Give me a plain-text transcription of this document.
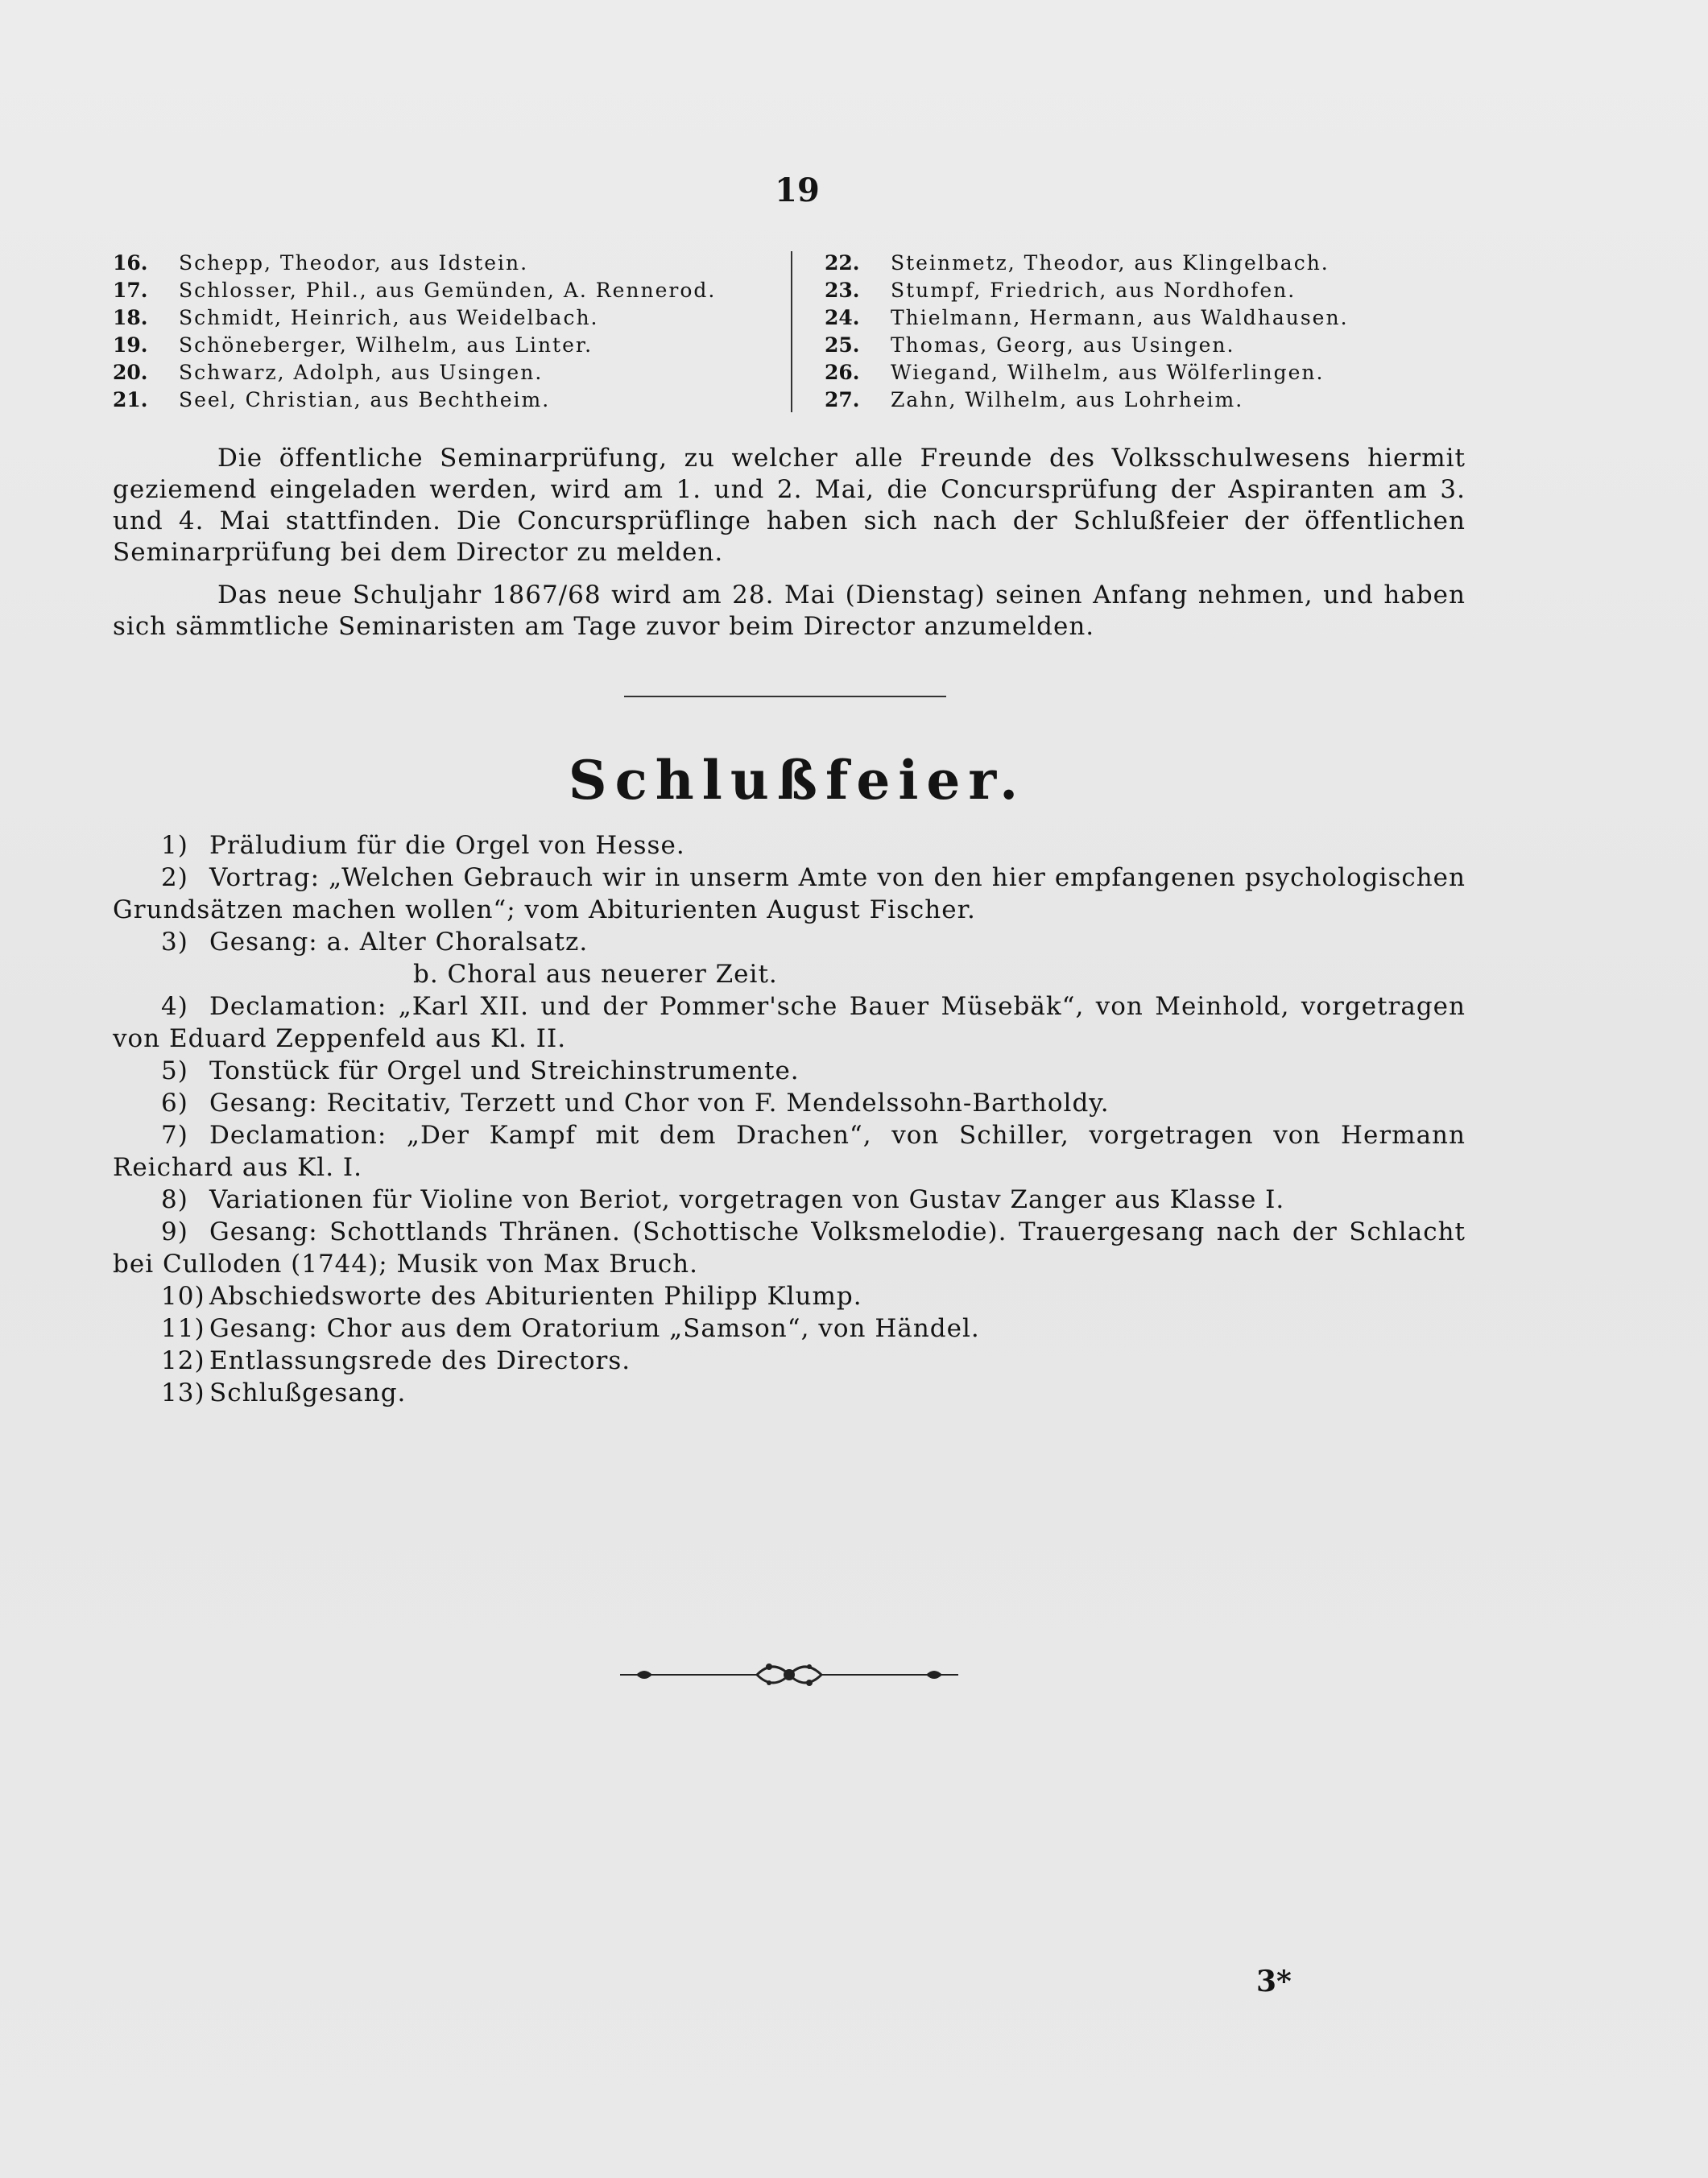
19
16. Schepp, Theodor, aus Idstein.
17. Schlosser, Phil., aus Gemünden, A. Rennerod.
18. Schmidt, Heinrich, aus Weidelbach.
19. Schöneberger, Wilhelm, aus Linter.
20. Schwarz, Adolph, aus Usingen.
21. Seel, Christian, aus Bechtheim.
22. Steinmetz, Theodor, aus Klingelbach.
23. Stumpf, Friedrich, aus Nordhofen.
24. Thielmann, Hermann, aus Waldhausen.
25. Thomas, Georg, aus Usingen.
26. Wiegand, Wilhelm, aus Wölferlingen.
27. Zahn, Wilhelm, aus Lohrheim.
Die öffentliche Seminarprüfung, zu welcher alle Freunde des Volksschulwesens hiermit geziemend eingeladen werden, wird am 1. und 2. Mai, die Concursprüfung der Aspiranten am 3. und 4. Mai stattfinden. Die Concursprüflinge haben sich nach der Schlußfeier der öffentlichen Seminarprüfung bei dem Director zu melden.
Das neue Schuljahr 1867/68 wird am 28. Mai (Dienstag) seinen Anfang nehmen, und haben sich sämmtliche Seminaristen am Tage zuvor beim Director anzumelden.
Schlußfeier.
1) Präludium für die Orgel von Hesse.
2) Vortrag: „Welchen Gebrauch wir in unserm Amte von den hier empfangenen psychologischen Grundsätzen machen wollen“; vom Abiturienten August Fischer.
3) Gesang: a. Alter Choralsatz.
b. Choral aus neuerer Zeit.
4) Declamation: „Karl XII. und der Pommer'sche Bauer Müsebäk“, von Meinhold, vorgetragen von Eduard Zeppenfeld aus Kl. II.
5) Tonstück für Orgel und Streichinstrumente.
6) Gesang: Recitativ, Terzett und Chor von F. Mendelssohn-Bartholdy.
7) Declamation: „Der Kampf mit dem Drachen“, von Schiller, vorgetragen von Hermann Reichard aus Kl. I.
8) Variationen für Violine von Beriot, vorgetragen von Gustav Zanger aus Klasse I.
9) Gesang: Schottlands Thränen. (Schottische Volksmelodie). Trauergesang nach der Schlacht bei Culloden (1744); Musik von Max Bruch.
10) Abschiedsworte des Abiturienten Philipp Klump.
11) Gesang: Chor aus dem Oratorium „Samson“, von Händel.
12) Entlassungsrede des Directors.
13) Schlußgesang.
3*
